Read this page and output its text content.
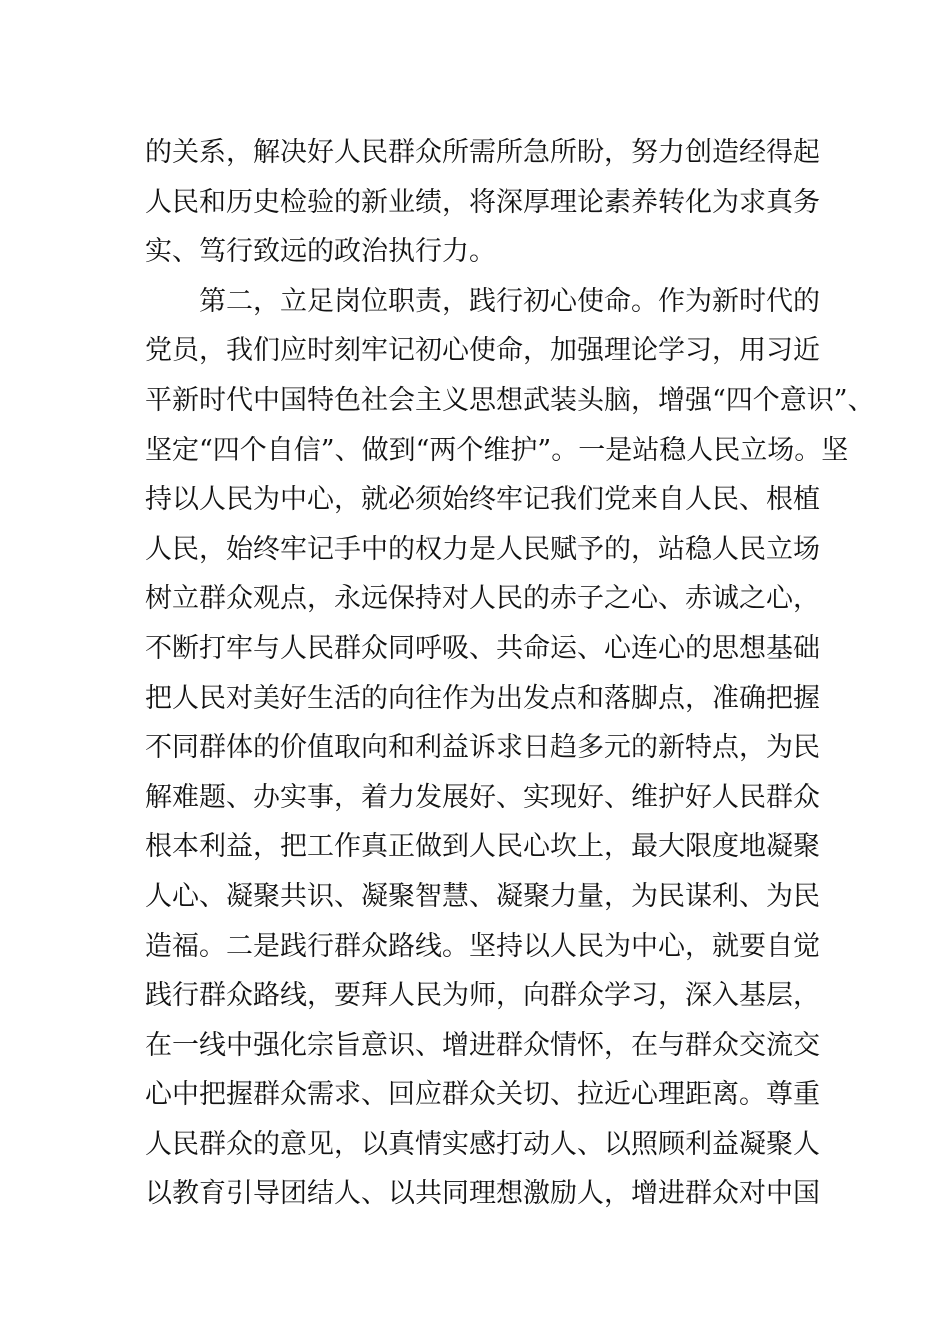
的关系，解决好人民群众所需所急所盼，努力创造经得起
人民和历史检验的新业绩，将深厚理论素养转化为求真务
实、笃行致远的政治执行力。
　　第二，立足岗位职责，践行初心使命。作为新时代的
党员，我们应时刻牢记初心使命，加强理论学习，用习近
平新时代中国特色社会主义思想武装头脑，增强“四个意识”、
坚定“四个自信”、做到“两个维护”。一是站稳人民立场。坚
持以人民为中心，就必须始终牢记我们党来自人民、根植
人民，始终牢记手中的权力是人民赋予的，站稳人民立场
树立群众观点，永远保持对人民的赤子之心、赤诚之心，
不断打牢与人民群众同呼吸、共命运、心连心的思想基础
把人民对美好生活的向往作为出发点和落脚点，准确把握
不同群体的价值取向和利益诉求日趋多元的新特点，为民
解难题、办实事，着力发展好、实现好、维护好人民群众
根本利益，把工作真正做到人民心坎上，最大限度地凝聚
人心、凝聚共识、凝聚智慧、凝聚力量，为民谋利、为民
造福。二是践行群众路线。坚持以人民为中心，就要自觉
践行群众路线，要拜人民为师，向群众学习，深入基层，
在一线中强化宗旨意识、增进群众情怀，在与群众交流交
心中把握群众需求、回应群众关切、拉近心理距离。尊重
人民群众的意见，以真情实感打动人、以照顾利益凝聚人
以教育引导团结人、以共同理想激励人，增进群众对中国
